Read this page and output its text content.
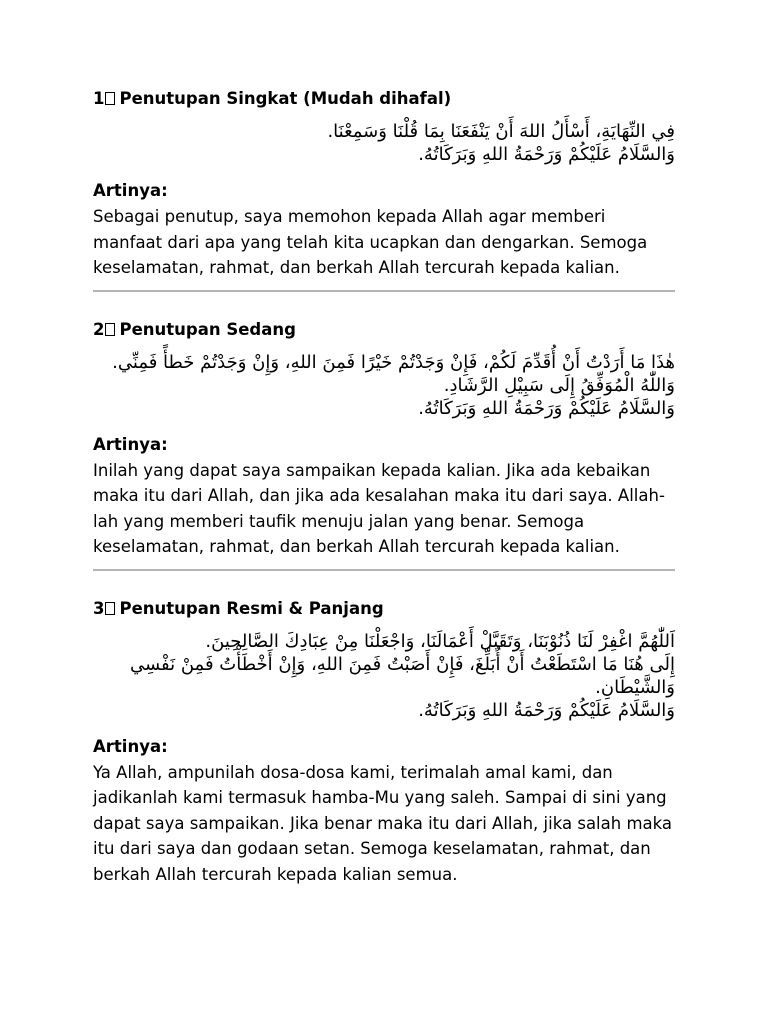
1 Penutupan Singkat (Mudah dihafal)

فِي النِّهَايَةِ، أَسْأَلُ اللهَ أَنْ يَنْفَعَنَا بِمَا قُلْنَا وَسَمِعْنَا.

وَالسَّلَامُ عَلَيْكُمْ وَرَحْمَةُ اللهِ وَبَرَكَاتُهُ.

Artinya:

Sebagai penutup, saya memohon kepada Allah agar memberi manfaat dari apa yang telah kita ucapkan dan dengarkan. Semoga keselamatan, rahmat, dan berkah Allah tercurah kepada kalian.

2 Penutupan Sedang

هٰذَا مَا أَرَدْتُ أَنْ أُقَدِّمَ لَكُمْ، فَإِنْ وَجَدْتُمْ خَيْرًا فَمِنَ اللهِ، وَإِنْ وَجَدْتُمْ خَطأً فَمِنِّي.

وَاللّٰهُ الْمُوَفِّقُ إِلَى سَبِيْلِ الرَّشَادِ.

وَالسَّلَامُ عَلَيْكُمْ وَرَحْمَةُ اللهِ وَبَرَكَاتُهُ.

Artinya:

Inilah yang dapat saya sampaikan kepada kalian. Jika ada kebaikan maka itu dari Allah, dan jika ada kesalahan maka itu dari saya. Allah-lah yang memberi taufik menuju jalan yang benar. Semoga keselamatan, rahmat, dan berkah Allah tercurah kepada kalian.

3 Penutupan Resmi & Panjang

اَللّٰهُمَّ اغْفِرْ لَنَا ذُنُوْبَنَا، وَتَقَبَّلْ أَعْمَالَنَا، وَاجْعَلْنَا مِنْ عِبَادِكَ الصَّالِحِينَ.

إِلَى هُنَا مَا اسْتَطَعْتُ أَنْ أُبَلِّغَ، فَإِنْ أَصَبْتُ فَمِنَ اللهِ، وَإِنْ أَخْطَأْتُ فَمِنْ نَفْسِي وَالشَّيْطَانِ.

وَالسَّلَامُ عَلَيْكُمْ وَرَحْمَةُ اللهِ وَبَرَكَاتُهُ.

Artinya:

Ya Allah, ampunilah dosa-dosa kami, terimalah amal kami, dan jadikanlah kami termasuk hamba-Mu yang saleh. Sampai di sini yang dapat saya sampaikan. Jika benar maka itu dari Allah, jika salah maka itu dari saya dan godaan setan. Semoga keselamatan, rahmat, dan berkah Allah tercurah kepada kalian semua.
